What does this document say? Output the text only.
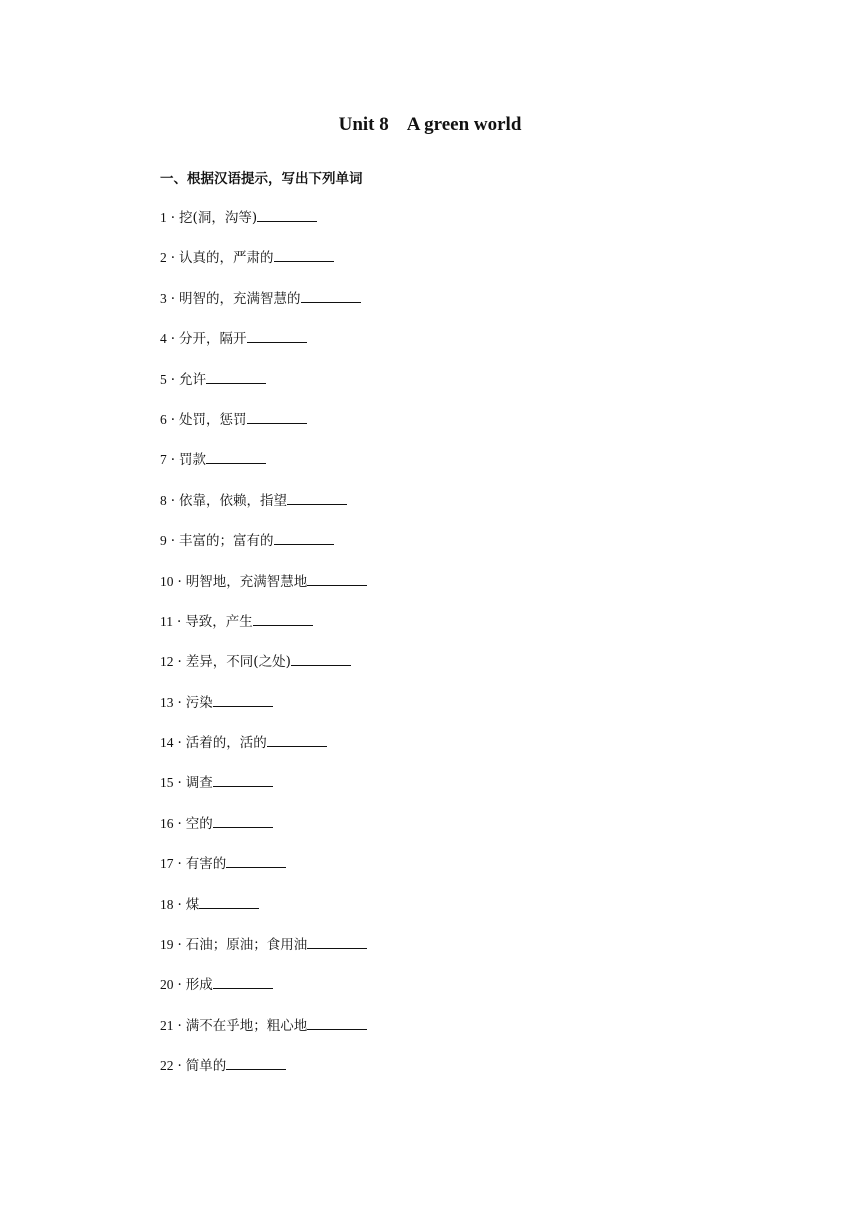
Unit 8    A green world
一、根据汉语提示，写出下列单词
1 · 挖(洞，沟等)
2 · 认真的，严肃的
3 · 明智的，充满智慧的
4 · 分开，隔开
5 · 允许
6 · 处罚，惩罚
7 · 罚款
8 · 依靠，依赖，指望
9 · 丰富的；富有的
10 · 明智地，充满智慧地
11 · 导致，产生
12 · 差异，不同(之处)
13 · 污染
14 · 活着的，活的
15 · 调查
16 · 空的
17 · 有害的
18 · 煤
19 · 石油；原油；食用油
20 · 形成
21 · 满不在乎地；粗心地
22 · 简单的
